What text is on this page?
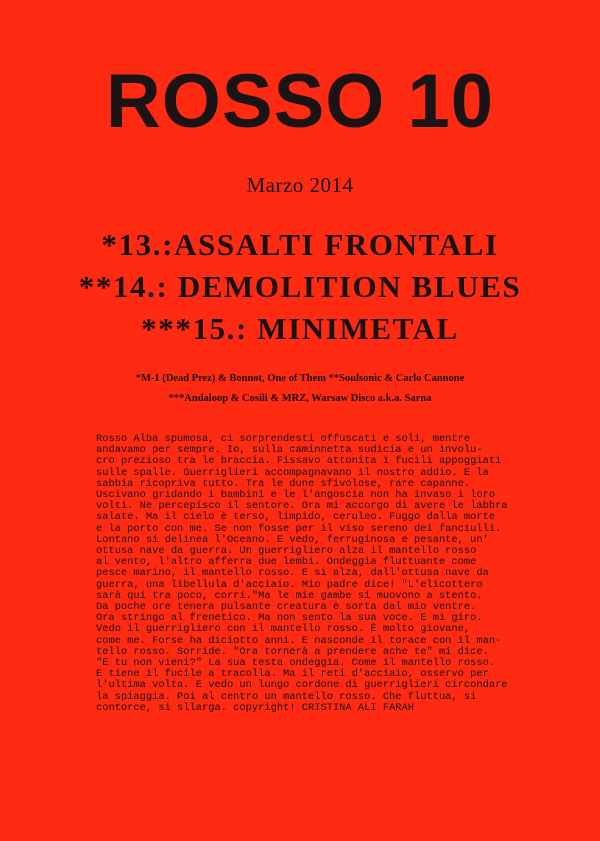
ROSSO 10
Marzo 2014
*13.:ASSALTI FRONTALI
**14.: DEMOLITION BLUES
***15.: MINIMETAL
*M-1 (Dead Prez) & Bonnot, One of Them **Soulsonic & Carlo Cannone
***Andaloop & Cosili & MRZ, Warsaw Disco a.k.a. Sarna
Rosso Alba spumosa, ci sorprendesti offuscati e soli, mentre
andavamo per sempre. Io, sulla caminnetta sudicia e un involu-
cro prezioso tra le braccia. Fissavo attonita i fucili appoggiati
sulle spalle. Guerriglieri accompagnavano il nostro addio. E la
sabbia ricopriva tutto. Tra le dune sfivolose, rare capanne.
Uscivano gridando i bambini e le l'angoscia non ha invaso i loro
volti. Ne percepisco il sentore. Ora mi accorgo di avere le labbra
salate. Ma il cielo è terso, limpido, ceruleo. Fuggo dalla morte
e la porto con me. Se non fosse per il viso sereno dei fanciulli.
Lontano si delinea l'Oceano. E vedo, ferruginosa e pesante, un'
ottusa nave da guerra. Un guerrigliero alza il mantello rosso
al vento, l'altro afferra due lembi. Ondeggia fluttuante come
pesce marino, il mantello rosso. E si alza, dall'ottusa nave da
guerra, una libellula d'acciaio. Mio padre dice! "L'elicottero
sarà qui tra poco, corri."Ma le mie gambe si muovono a stento.
Da poche ore tenera pulsante creatura è sorta dal mio ventre.
Ora stringo al frenetico. Ma non sento la sua voce. E mi giro.
Vedo il guerrigliero con il mantello rosso. È molto giovane,
come me. Forse ha diciotto anni. E nasconde il torace con il man-
tello rosso. Sorride. "Ora tornerà a prendere ache te" mi dice.
"E tu non vieni?" La sua testa ondeggia. Come il mantello rosso.
E tiene il fucile a tracolla. Ma il reti d'acciaio, osservo per
l'ultima volta. E vedo un lungo cordone di guerriglieri circondare
la spiaggia. Poi al centro un mantello rosso. Che fluttua, si
contorce, si sllarga. copyright! CRISTINA ALI FARAH
